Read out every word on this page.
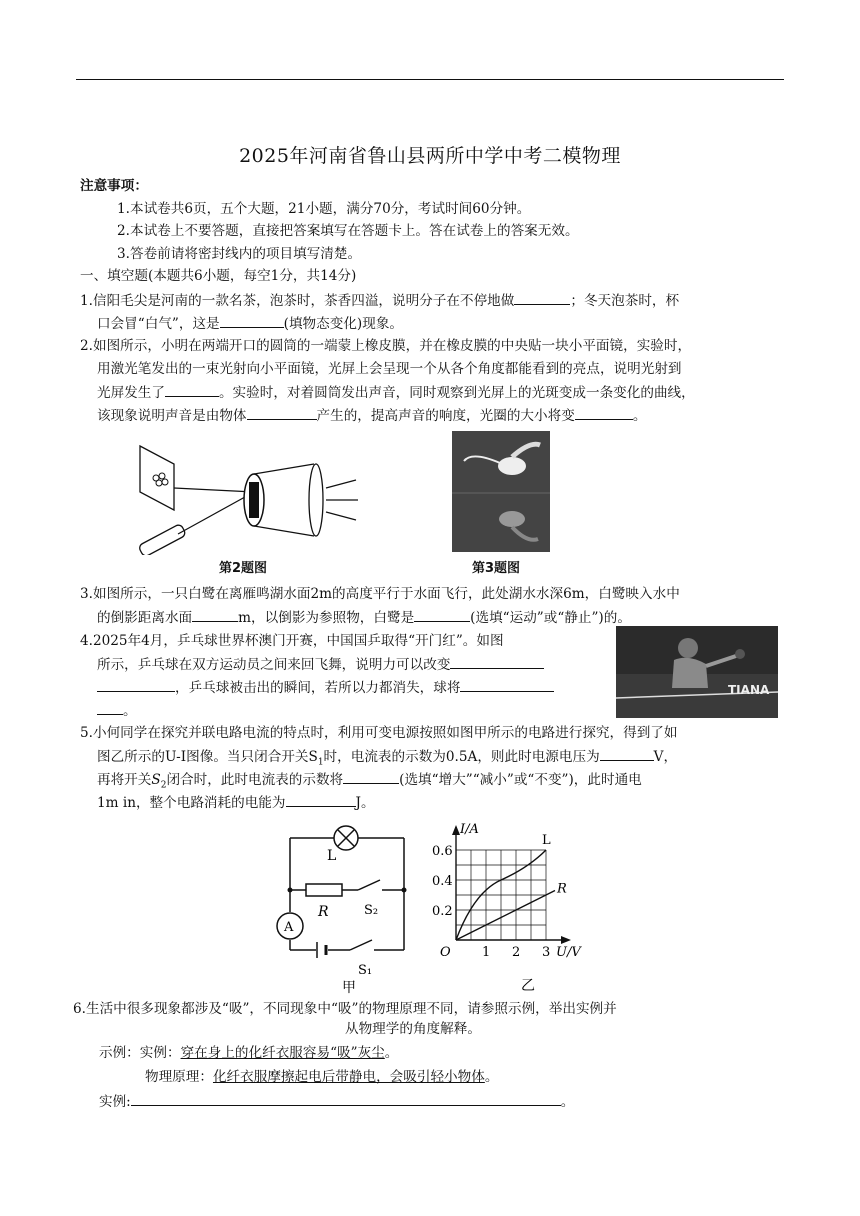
2025年河南省鲁山县两所中学中考二模物理
注意事项：
1.本试卷共6页，五个大题，21小题，满分70分，考试时间60分钟。
2.本试卷上不要答题，直接把答案填写在答题卡上。答在试卷上的答案无效。
3.答卷前请将密封线内的项目填写清楚。
一、填空题(本题共6小题，每空1分，共14分)
1.信阳毛尖是河南的一款名茶，泡茶时，茶香四溢，说明分子在不停地做	；冬天泡茶时，杯
口会冒“白气”，这是	(填物态变化)现象。
2.如图所示，小明在两端开口的圆筒的一端蒙上橡皮膜，并在橡皮膜的中央贴一块小平面镜，实验时，
用激光笔发出的一束光射向小平面镜，光屏上会呈现一个从各个角度都能看到的亮点，说明光射到
光屏发生了	。实验时，对着圆筒发出声音，同时观察到光屏上的光斑变成一条变化的曲线，
该现象说明声音是由物体	产生的，提高声音的响度，光圈的大小将变	。
第2题图	第3题图
3.如图所示，一只白鹭在离雁鸣湖水面2m的高度平行于水面飞行，此处湖水水深6m，白鹭映入水中
的倒影距离水面	m，以倒影为参照物，白鹭是	(选填“运动”或“静止”)的。
4.2025年4月，乒乓球世界杯澳门开赛，中国国乒取得“开门红”。如图
所示，乒乓球在双方运动员之间来回飞舞，说明力可以改变
，乒乓球被击出的瞬间，若所以力都消失，球将
。
TIANA
5.小何同学在探究并联电路电流的特点时，利用可变电源按照如图甲所示的电路进行探究，得到了如
图乙所示的U-I图像。当只闭合开关$S_1$时，电流表的示数为0.5A，则此时电源电压为	V，
再将开关$S_2$闭合时，此时电流表的示数将	(选填“增大”“减小”或“不变”)，此时通电
1m in，整个电路消耗的电能为	J。
L
R	S₂
A
S₁
甲
1 2 3
0.2
0.4
0.6
O
I/A
U/V
L
R
乙
6.生活中很多现象都涉及“吸”，不同现象中“吸”的物理原理不同，请参照示例，举出实例并
从物理学的角度解释。
示例：实例：穿在身上的化纤衣服容易“吸”灰尘。
物理原理：化纤衣服摩擦起电后带静电，会吸引轻小物体。
实例:	。
